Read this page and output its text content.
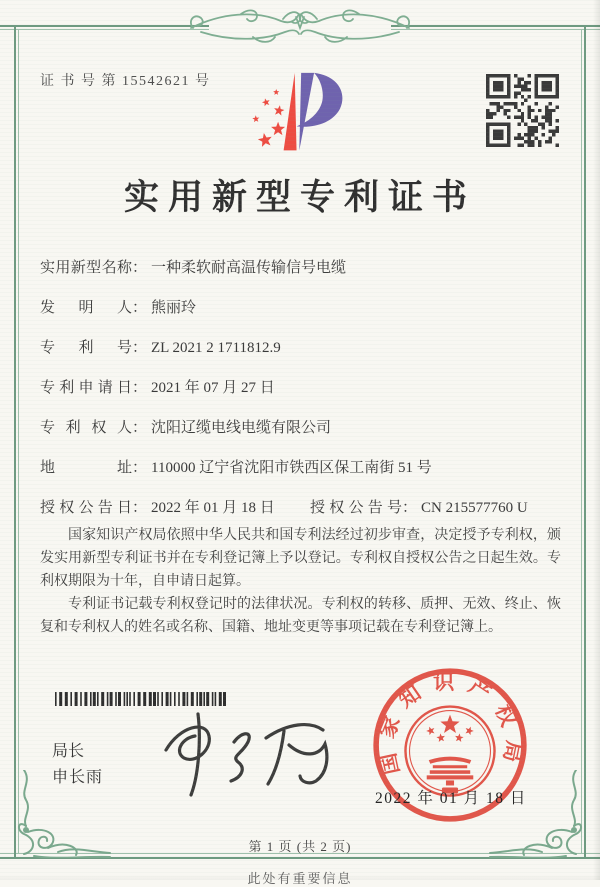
证 书 号 第 15542621 号
实用新型专利证书
实 用 新 型 名 称 ： 一种柔软耐高温传输信号电缆
发 明 人 ： 熊丽玲
专 利 号 ： ZL 2021 2 1711812.9
专 利 申 请 日 ： 2021 年 07 月 27 日
专 利 权 人 ： 沈阳辽缆电线电缆有限公司
地	址 ： 110000 辽宁省沈阳市铁西区保工南街 51 号
授 权 公 告 日 ： 2022 年 01 月 18 日 授 权 公 告 号 ： CN 215577760 U

国家知识产权局依照中华人民共和国专利法经过初步审查，决定授予专利权，颁发实用新型专利证书并在专利登记簿上予以登记。专利权自授权公告之日起生效。专利权期限为十年，自申请日起算。

专利证书记载专利权登记时的法律状况。专利权的转移、质押、无效、终止、恢复和专利权人的姓名或名称、国籍、地址变更等事项记载在专利登记簿上。

局长
申长雨
国家知识产权局
2022 年 01 月 18 日
第 1 页 (共 2 页)
此处有重要信息
